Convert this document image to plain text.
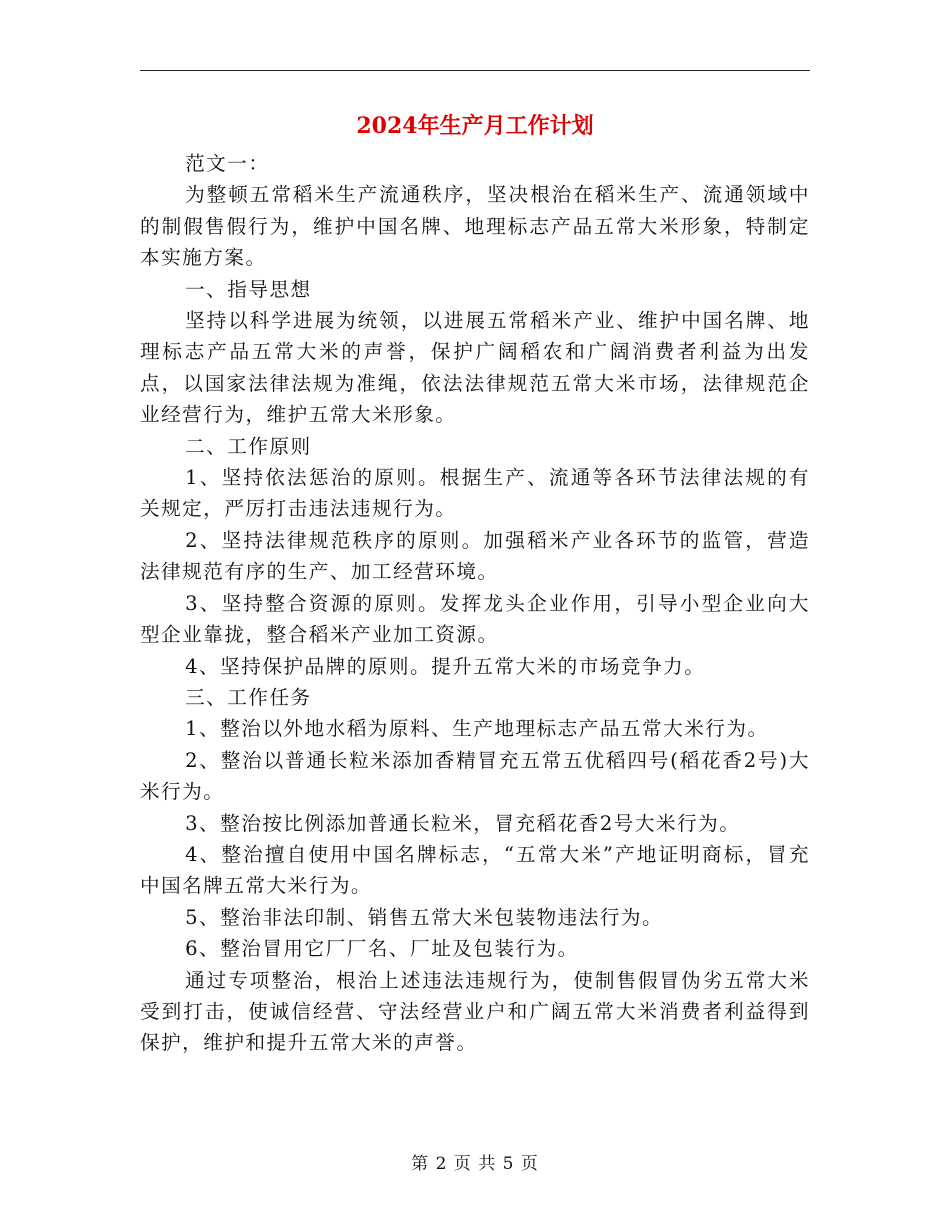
2024年生产月工作计划

范文一：

为整顿五常稻米生产流通秩序，坚决根治在稻米生产、流通领域中的制假售假行为，维护中国名牌、地理标志产品五常大米形象，特制定本实施方案。

一、指导思想

坚持以科学进展为统领，以进展五常稻米产业、维护中国名牌、地理标志产品五常大米的声誉，保护广阔稻农和广阔消费者利益为出发点，以国家法律法规为准绳，依法法律规范五常大米市场，法律规范企业经营行为，维护五常大米形象。

二、工作原则

1、坚持依法惩治的原则。根据生产、流通等各环节法律法规的有关规定，严厉打击违法违规行为。

2、坚持法律规范秩序的原则。加强稻米产业各环节的监管，营造法律规范有序的生产、加工经营环境。

3、坚持整合资源的原则。发挥龙头企业作用，引导小型企业向大型企业靠拢，整合稻米产业加工资源。

4、坚持保护品牌的原则。提升五常大米的市场竞争力。

三、工作任务

1、整治以外地水稻为原料、生产地理标志产品五常大米行为。

2、整治以普通长粒米添加香精冒充五常五优稻四号(稻花香2号)大米行为。

3、整治按比例添加普通长粒米，冒充稻花香2号大米行为。

4、整治擅自使用中国名牌标志，“五常大米”产地证明商标，冒充中国名牌五常大米行为。

5、整治非法印制、销售五常大米包装物违法行为。

6、整治冒用它厂厂名、厂址及包装行为。

通过专项整治，根治上述违法违规行为，使制售假冒伪劣五常大米受到打击，使诚信经营、守法经营业户和广阔五常大米消费者利益得到保护，维护和提升五常大米的声誉。

第 2 页 共 5 页
